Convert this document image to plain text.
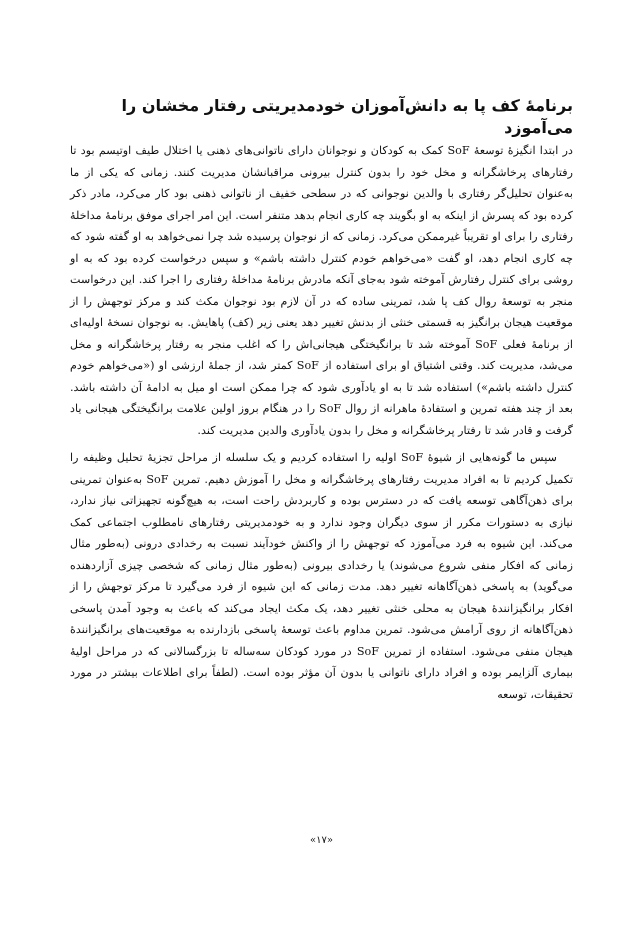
برنامهٔ کف پا به دانش‌آموزان خودمدیریتی رفتار مخشان را می‌آموزد

در ابتدا انگیزهٔ توسعهٔ SoF کمک به کودکان و نوجوانان دارای ناتوانی‌های ذهنی یا اختلال طیف اوتیسم بود تا رفتارهای پرخاشگرانه و مخل خود را بدون کنترل بیرونی مراقبانشان مدیریت کنند. زمانی که یکی از ما به‌عنوان تحلیل‌گر رفتاری با والدین نوجوانی که در سطحی خفیف از ناتوانی ذهنی بود کار می‌کرد، مادر ذکر کرده بود که پسرش از اینکه به او بگویند چه کاری انجام بدهد متنفر است. این امر اجرای موفق برنامهٔ مداخلهٔ رفتاری را برای او تقریباً غیرممکن می‌کرد. زمانی که از نوجوان پرسیده شد چرا نمی‌خواهد به او گفته شود که چه کاری انجام دهد، او گفت «می‌خواهم خودم کنترل داشته باشم» و سپس درخواست کرده بود که به او روشی برای کنترل رفتارش آموخته شود به‌جای آنکه مادرش برنامهٔ مداخلهٔ رفتاری را اجرا کند. این درخواست منجر به توسعهٔ روال کف پا شد، تمرینی ساده که در آن لازم بود نوجوان مکث کند و مرکز توجهش را از موقعیت هیجان برانگیز به قسمتی خنثی از بدنش تغییر دهد یعنی زیر (کف) پاهایش. به نوجوان نسخهٔ اولیه‌ای از برنامهٔ فعلی SoF آموخته شد تا برانگیختگی هیجانی‌اش را که اغلب منجر به رفتار پرخاشگرانه و مخل می‌شد، مدیریت کند. وقتی اشتیاق او برای استفاده از SoF کمتر شد، از جملهٔ ارزشی او («می‌خواهم خودم کنترل داشته باشم») استفاده شد تا به او یادآوری شود که چرا ممکن است او میل به ادامهٔ آن داشته باشد. بعد از چند هفته تمرین و استفادهٔ ماهرانه از روال SoF را در هنگام بروز اولین علامت برانگیختگی هیجانی یاد گرفت و قادر شد تا رفتار پرخاشگرانه و مخل را بدون یادآوری والدین مدیریت کند.

سپس ما گونه‌هایی از شیوهٔ SoF اولیه را استفاده کردیم و یک سلسله از مراحل تجزیهٔ تحلیل وظیفه را تکمیل کردیم تا به افراد مدیریت رفتارهای پرخاشگرانه و مخل را آموزش دهیم. تمرین SoF به‌عنوان تمرینی برای ذهن‌آگاهی توسعه یافت که در دسترس بوده و کاربردش راحت است، به هیچ‌گونه تجهیزاتی نیاز ندارد، نیازی به دستورات مکرر از سوی دیگران وجود ندارد و به خودمدیریتی رفتارهای نامطلوب اجتماعی کمک می‌کند. این شیوه به فرد می‌آموزد که توجهش را از واکنش خودآیند نسبت به رخدادی درونی (به‌طور مثال زمانی که افکار منفی شروع می‌شوند) یا رخدادی بیرونی (به‌طور مثال زمانی که شخصی چیزی آزاردهنده می‌گوید) به پاسخی ذهن‌آگاهانه تغییر دهد. مدت زمانی که این شیوه از فرد می‌گیرد تا مرکز توجهش را از افکار برانگیزانندهٔ هیجان به محلی خنثی تغییر دهد، یک مکث ایجاد می‌کند که باعث به وجود آمدن پاسخی ذهن‌آگاهانه از روی آرامش می‌شود. تمرین مداوم باعث توسعهٔ پاسخی بازدارنده به موقعیت‌های برانگیزانندهٔ هیجان منفی می‌شود. استفاده از تمرین SoF در مورد کودکان سه‌ساله تا بزرگسالانی که در مراحل اولیهٔ بیماری آلزایمر بوده و افراد دارای ناتوانی یا بدون آن مؤثر بوده است. (لطفاً برای اطلاعات بیشتر در مورد تحقیقات، توسعه

«۱۷»
